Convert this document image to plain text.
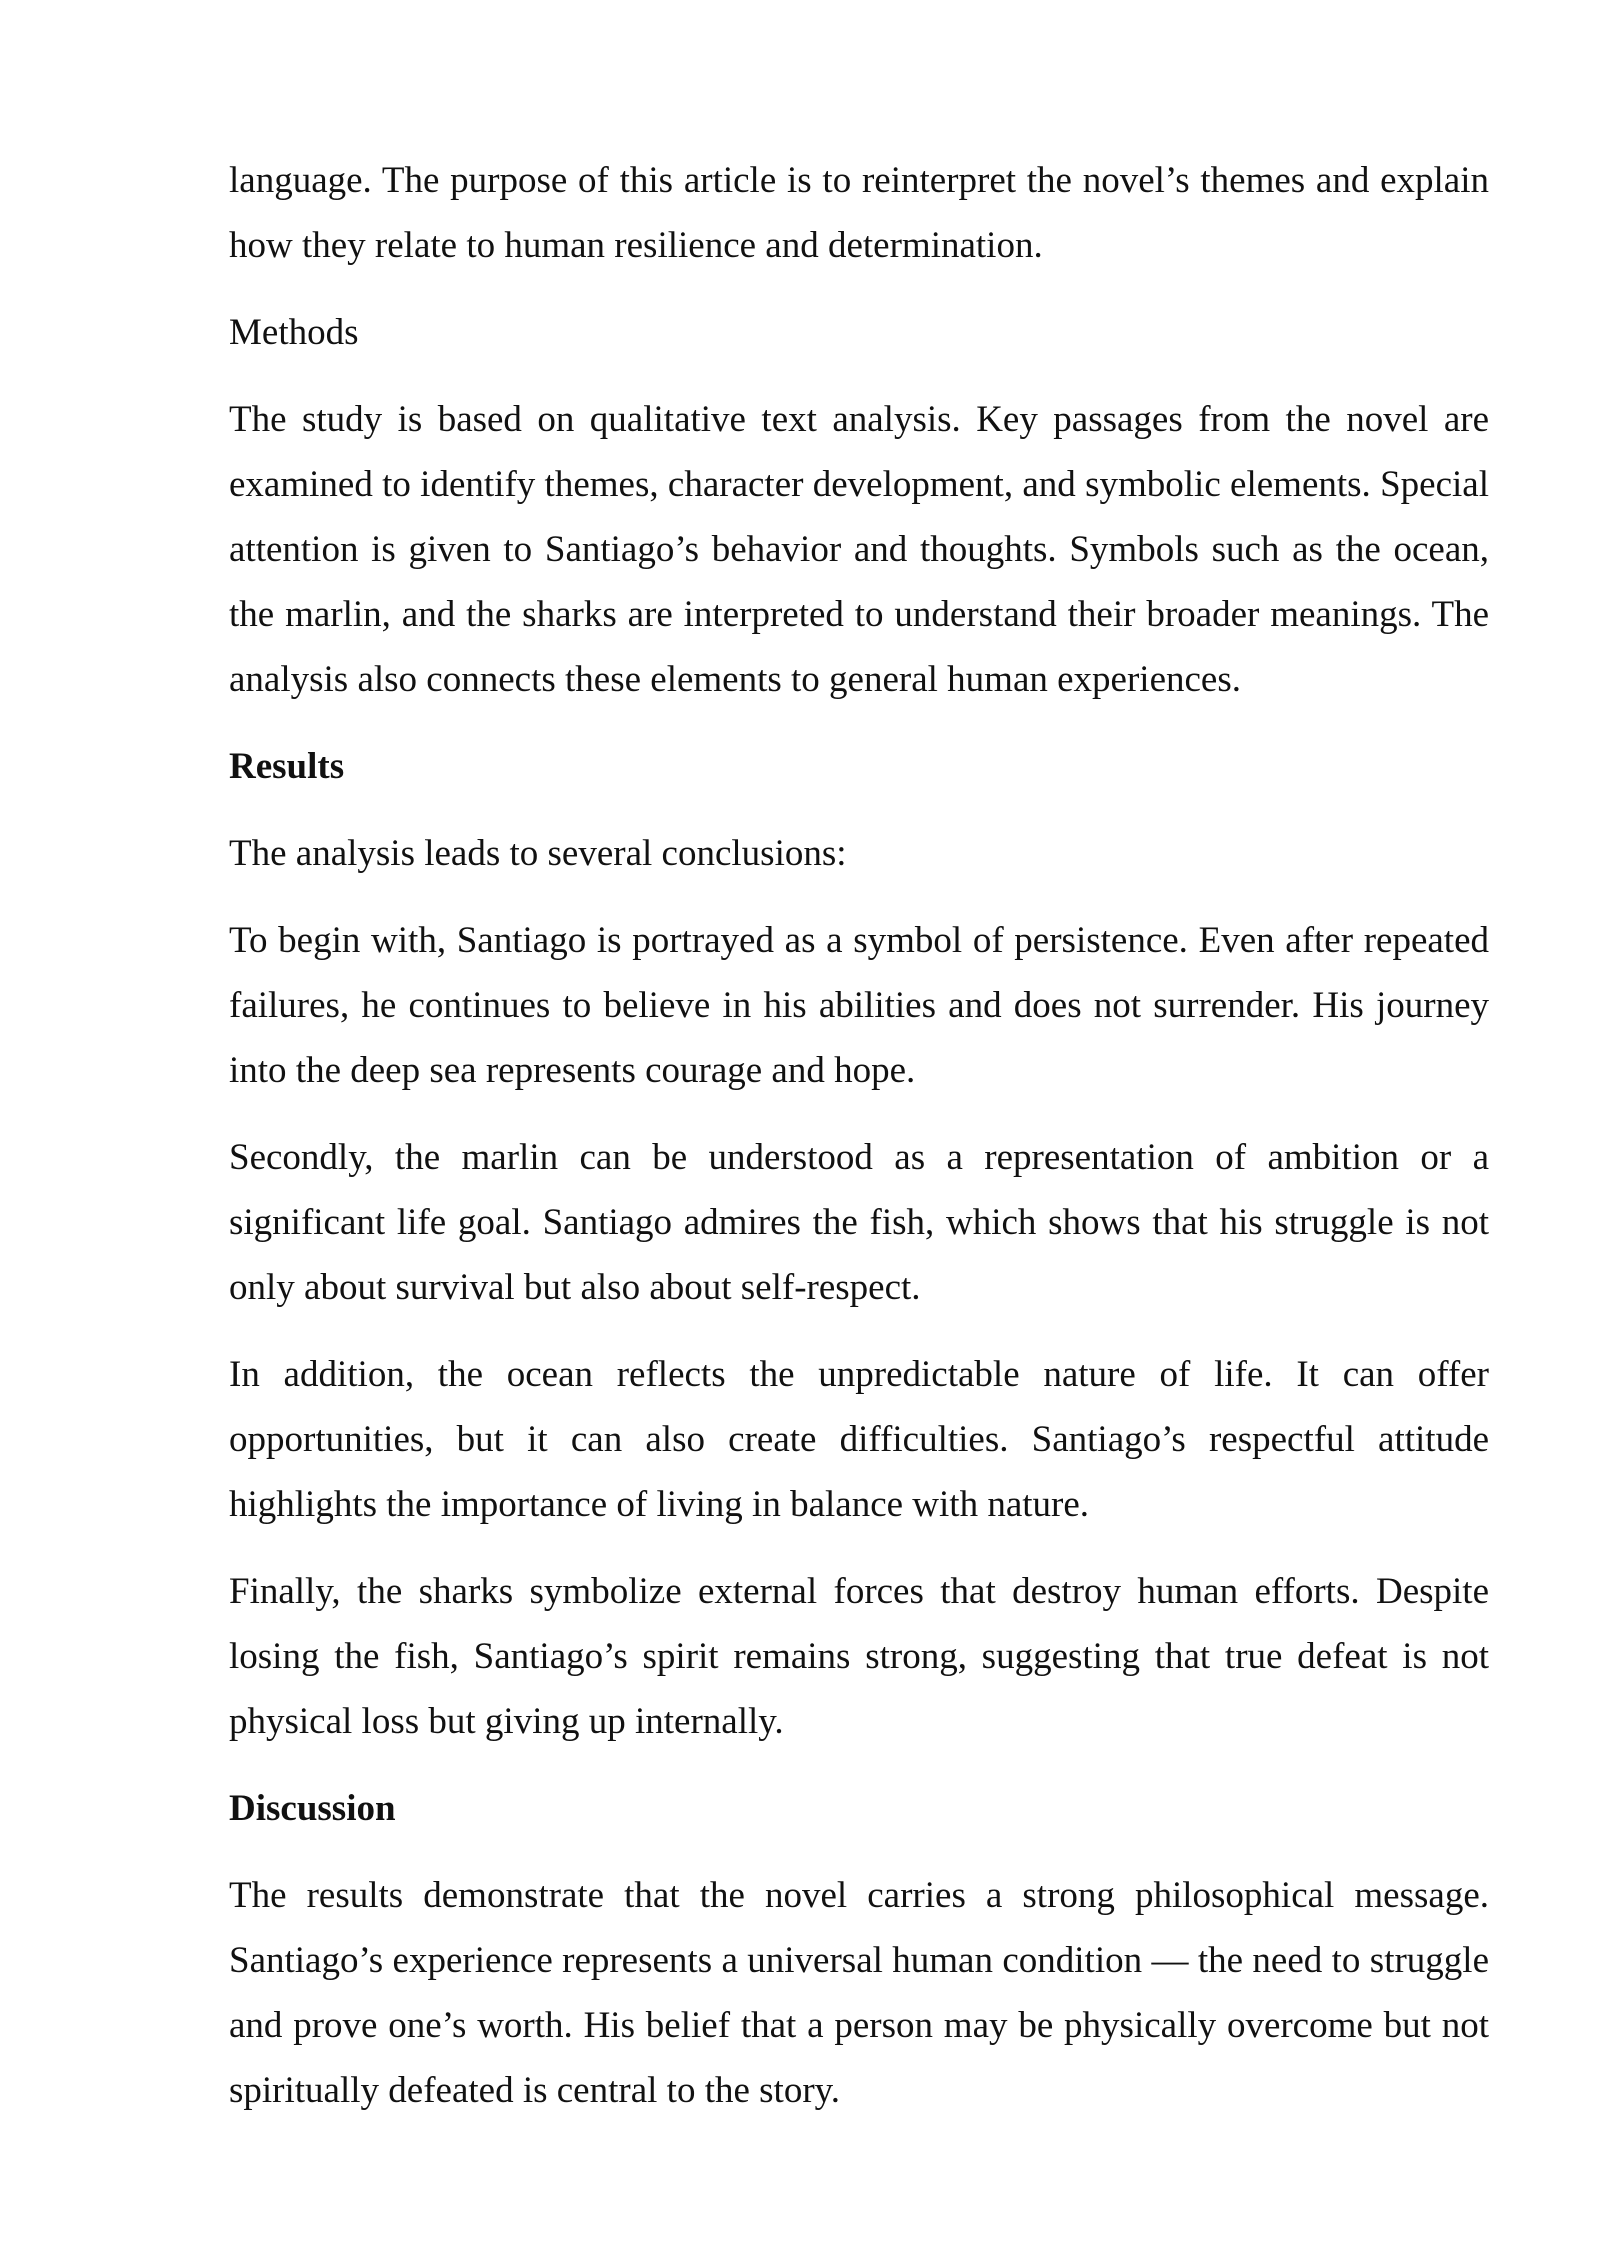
language. The purpose of this article is to reinterpret the novel’s themes and explain how they relate to human resilience and determination.

Methods

The study is based on qualitative text analysis. Key passages from the novel are examined to identify themes, character development, and symbolic elements. Special attention is given to Santiago’s behavior and thoughts. Symbols such as the ocean, the marlin, and the sharks are interpreted to understand their broader meanings. The analysis also connects these elements to general human experiences.

Results

The analysis leads to several conclusions:

To begin with, Santiago is portrayed as a symbol of persistence. Even after repeated failures, he continues to believe in his abilities and does not surrender. His journey into the deep sea represents courage and hope.

Secondly, the marlin can be understood as a representation of ambition or a significant life goal. Santiago admires the fish, which shows that his struggle is not only about survival but also about self-respect.

In addition, the ocean reflects the unpredictable nature of life. It can offer opportunities, but it can also create difficulties. Santiago’s respectful attitude highlights the importance of living in balance with nature.

Finally, the sharks symbolize external forces that destroy human efforts. Despite losing the fish, Santiago’s spirit remains strong, suggesting that true defeat is not physical loss but giving up internally.

Discussion

The results demonstrate that the novel carries a strong philosophical message. Santiago’s experience represents a universal human condition — the need to struggle and prove one’s worth. His belief that a person may be physically overcome but not spiritually defeated is central to the story.
